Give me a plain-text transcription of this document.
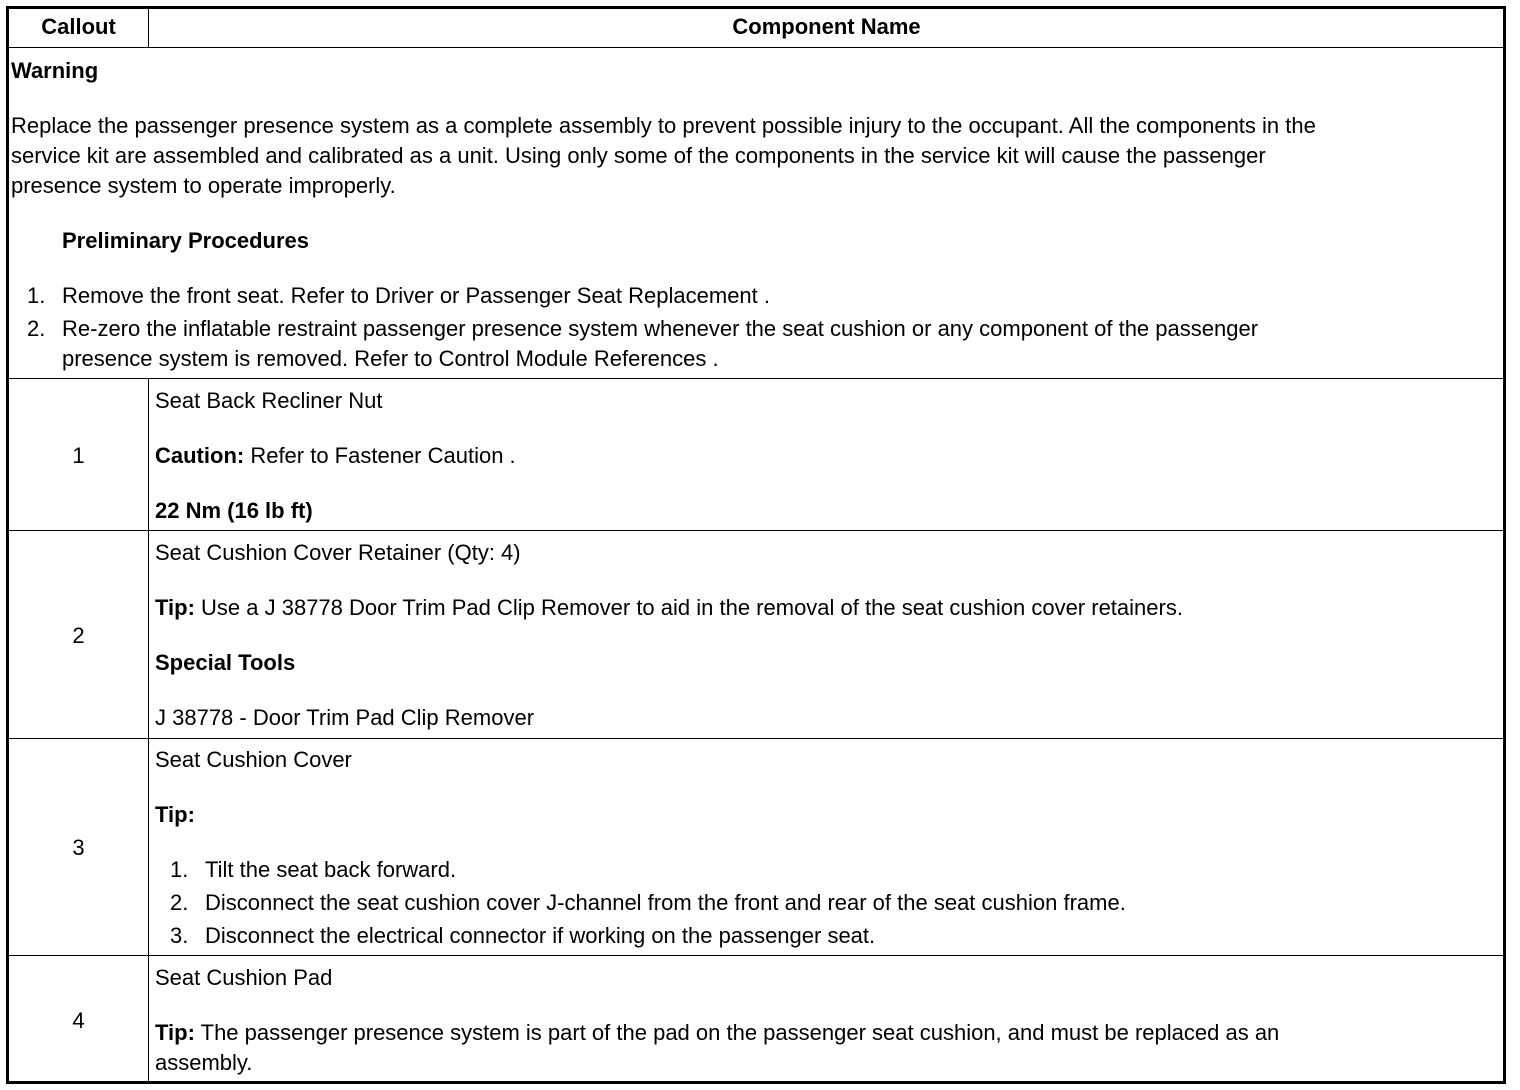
Callout	Component Name
Warning
Replace the passenger presence system as a complete assembly to prevent possible injury to the occupant. All the components in the
service kit are assembled and calibrated as a unit. Using only some of the components in the service kit will cause the passenger
presence system to operate improperly.
Preliminary Procedures
1. Remove the front seat. Refer to Driver or Passenger Seat Replacement .
2. Re-zero the inflatable restraint passenger presence system whenever the seat cushion or any component of the passenger
presence system is removed. Refer to Control Module References .
1
Seat Back Recliner Nut
Caution: Refer to Fastener Caution .
22 Nm (16 lb ft)
2
Seat Cushion Cover Retainer (Qty: 4)
Tip: Use a J 38778 Door Trim Pad Clip Remover to aid in the removal of the seat cushion cover retainers.
Special Tools
J 38778 - Door Trim Pad Clip Remover
3
Seat Cushion Cover
Tip:
1. Tilt the seat back forward.
2. Disconnect the seat cushion cover J-channel from the front and rear of the seat cushion frame.
3. Disconnect the electrical connector if working on the passenger seat.
4
Seat Cushion Pad
Tip: The passenger presence system is part of the pad on the passenger seat cushion, and must be replaced as an
assembly.
